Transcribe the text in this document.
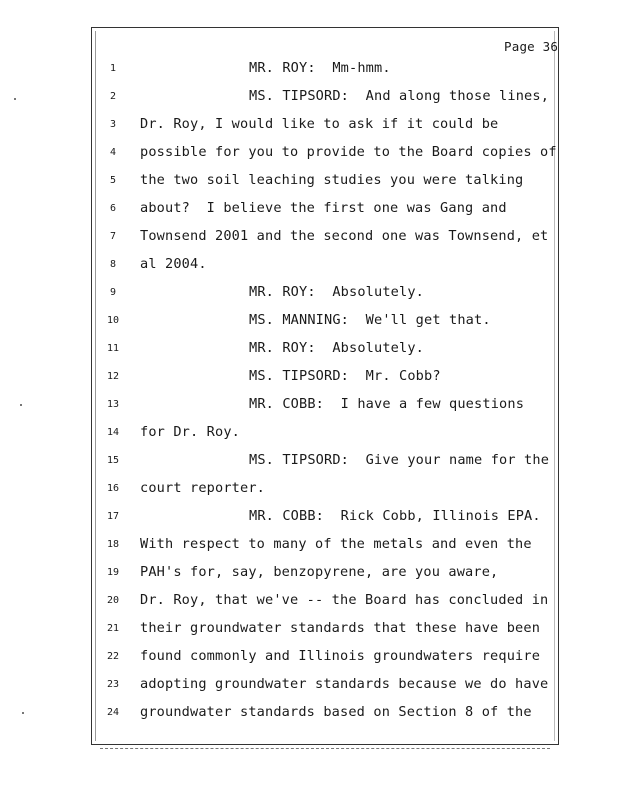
Page 36
1	MR. ROY:  Mm-hmm.
2	MS. TIPSORD:  And along those lines,
3	Dr. Roy, I would like to ask if it could be
4	possible for you to provide to the Board copies of
5	the two soil leaching studies you were talking
6	about?  I believe the first one was Gang and
7	Townsend 2001 and the second one was Townsend, et
8	al 2004.
9	MR. ROY:  Absolutely.
10	MS. MANNING:  We'll get that.
11	MR. ROY:  Absolutely.
12	MS. TIPSORD:  Mr. Cobb?
13	MR. COBB:  I have a few questions
14	for Dr. Roy.
15	MS. TIPSORD:  Give your name for the
16	court reporter.
17	MR. COBB:  Rick Cobb, Illinois EPA.
18	With respect to many of the metals and even the
19	PAH's for, say, benzopyrene, are you aware,
20	Dr. Roy, that we've -- the Board has concluded in
21	their groundwater standards that these have been
22	found commonly and Illinois groundwaters require
23	adopting groundwater standards because we do have
24	groundwater standards based on Section 8 of the
